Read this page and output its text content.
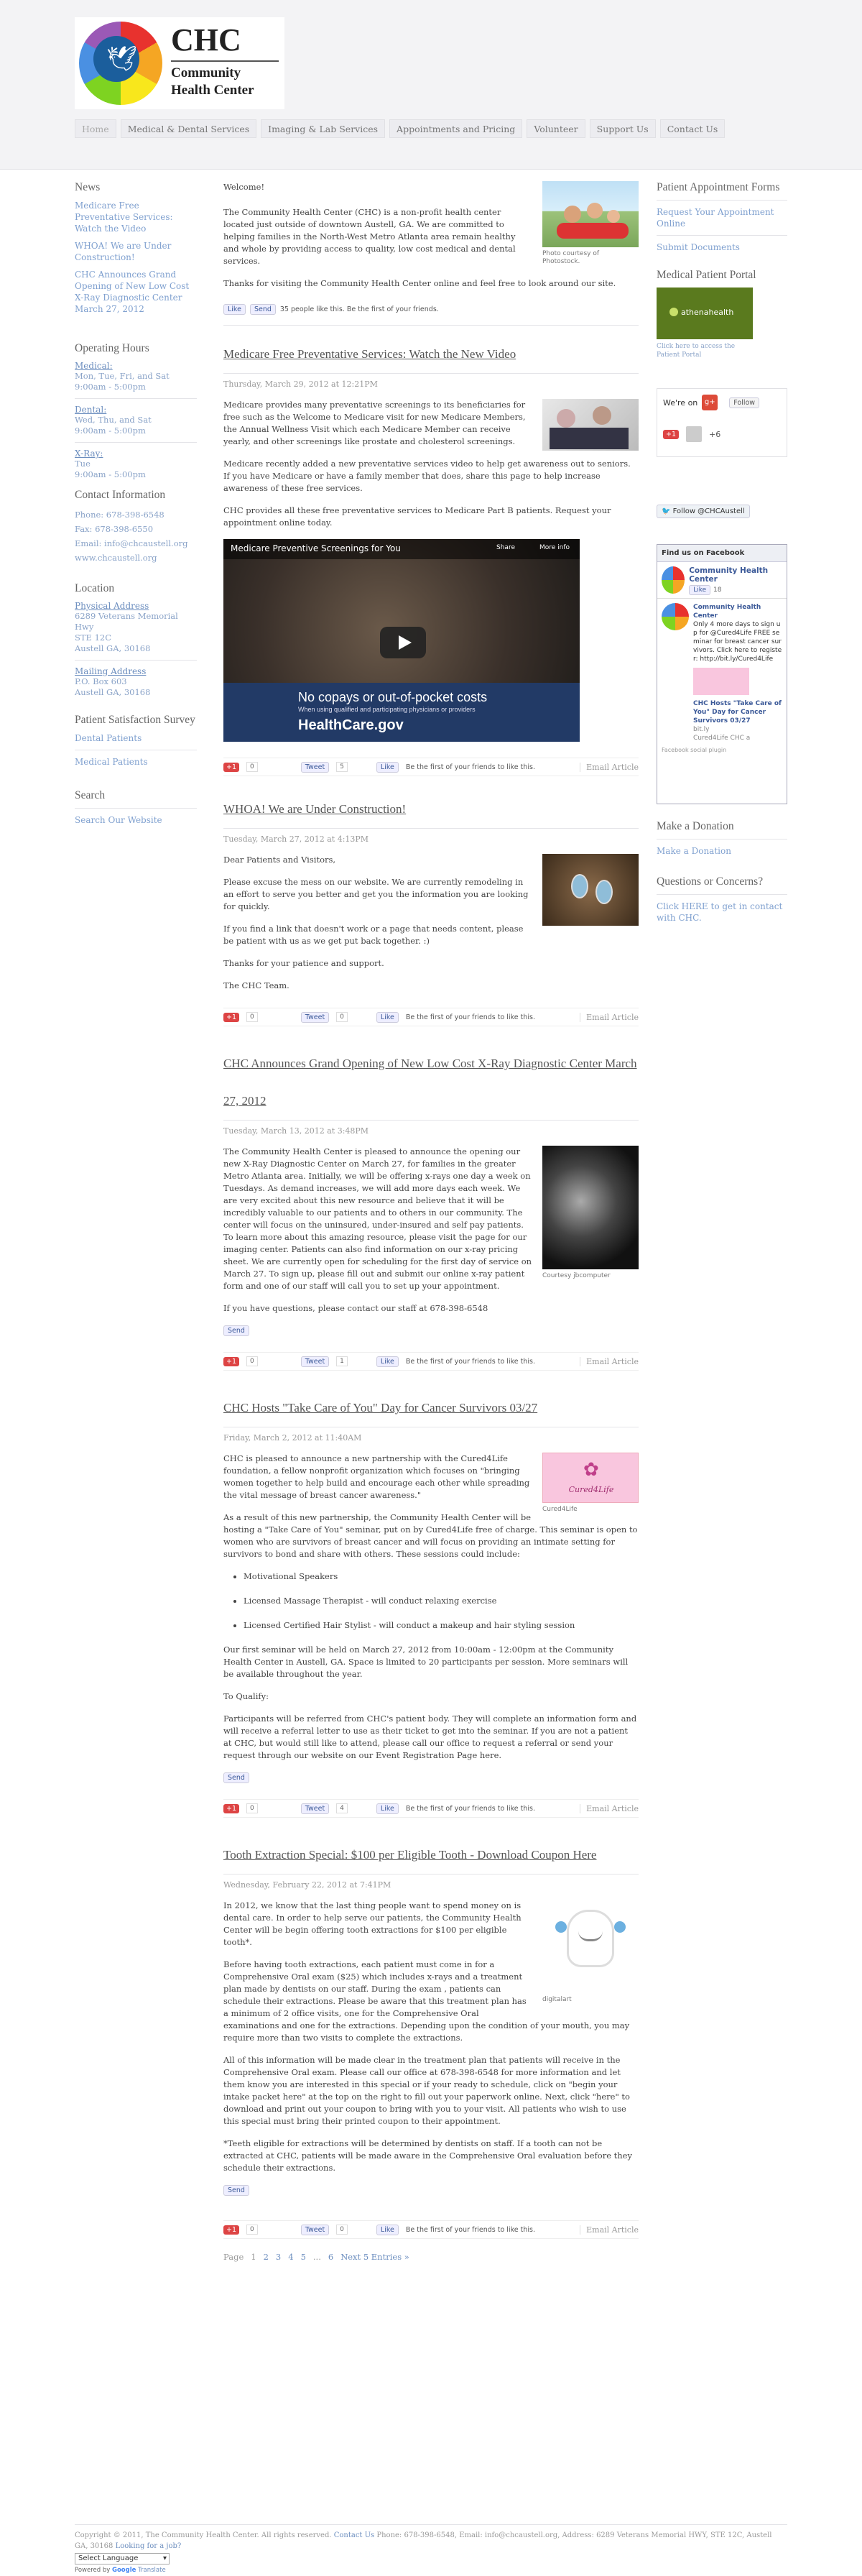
🕊
CHC
Community
Health Center
Home	Medical & Dental Services	Imaging & Lab Services	Appointments and Pricing	Volunteer	Support Us	Contact Us
News
Medicare Free Preventative Services: Watch the Video
WHOA! We are Under Construction!
CHC Announces Grand Opening of New Low Cost X-Ray Diagnostic Center March 27, 2012
Operating Hours
Medical:
Mon, Tue, Fri, and Sat
9:00am - 5:00pm
Dental:
Wed, Thu, and Sat
9:00am - 5:00pm
X-Ray:
Tue
9:00am - 5:00pm
Contact Information
Phone: 678-398-6548
Fax: 678-398-6550
Email: info@chcaustell.org
www.chcaustell.org
Location
Physical Address
6289 Veterans Memorial Hwy
STE 12C
Austell GA, 30168
Mailing Address
P.O. Box 603
Austell GA, 30168
Patient Satisfaction Survey
Dental Patients
Medical Patients
Search
Search Our Website
Photo courtesy of Photostock.

Welcome!

The Community Health Center (CHC) is a non-profit health center located just outside of downtown Austell, GA. We are committed to helping families in the North-West Metro Atlanta area remain healthy and whole by providing access to quality, low cost medical and dental services.

Thanks for visiting the Community Health Center online and feel free to look around our site.

Like	Send	35 people like this. Be the first of your friends.
Medicare Free Preventative Services: Watch the New Video
Thursday, March 29, 2012 at 12:21PM

Medicare provides many preventative screenings to its beneficiaries for free such as the Welcome to Medicare visit for new Medicare Members, the Annual Wellness Visit which each Medicare Member can receive yearly, and other screenings like prostate and cholesterol screenings.

Medicare recently added a new preventative services video to help get awareness out to seniors. If you have Medicare or have a family member that does, share this page to help increase awareness of these free services.

CHC provides all these free preventative services to Medicare Part B patients. Request your appointment online today.

Medicare Preventive Screenings for You	Share	More info
No copays or out-of-pocket costs
When using qualified and participating physicians or providers
HealthCare.gov
+1	0	Tweet	5	Like	Be the first of your friends to like this.	Email Article
WHOA! We are Under Construction!
Tuesday, March 27, 2012 at 4:13PM

Dear Patients and Visitors,

Please excuse the mess on our website. We are currently remodeling in an effort to serve you better and get you the information you are looking for quickly.

If you find a link that doesn't work or a page that needs content, please be patient with us as we get put back together. :)

Thanks for your patience and support.

The CHC Team.

+1	0	Tweet	0	Like	Be the first of your friends to like this.	Email Article
CHC Announces Grand Opening of New Low Cost X-Ray Diagnostic Center March 27, 2012
Tuesday, March 13, 2012 at 3:48PM
Courtesy jbcomputer

The Community Health Center is pleased to announce the opening our new X-Ray Diagnostic Center on March 27, for families in the greater Metro Atlanta area. Initially, we will be offering x-rays one day a week on Tuesdays. As demand increases, we will add more days each week. We are very excited about this new resource and believe that it will be incredibly valuable to our patients and to others in our community. The center will focus on the uninsured, under-insured and self pay patients. To learn more about this amazing resource, please visit the page for our imaging center. Patients can also find information on our x-ray pricing sheet. We are currently open for scheduling for the first day of service on March 27. To sign up, please fill out and submit our online x-ray patient form and one of our staff will call you to set up your appointment.

If you have questions, please contact our staff at 678-398-6548

Send
+1	0	Tweet	1	Like	Be the first of your friends to like this.	Email Article
CHC Hosts "Take Care of You" Day for Cancer Survivors 03/27
Friday, March 2, 2012 at 11:40AM
✿
Cured4Life
Cured4Life

CHC is pleased to announce a new partnership with the Cured4Life foundation, a fellow nonprofit organization which focuses on "bringing women together to help build and encourage each other while spreading the vital message of breast cancer awareness."

As a result of this new partnership, the Community Health Center will be hosting a "Take Care of You" seminar, put on by Cured4Life free of charge. This seminar is open to women who are survivors of breast cancer and will focus on providing an intimate setting for survivors to bond and share with others. These sessions could include:

• Motivational Speakers
• Licensed Massage Therapist - will conduct relaxing exercise
• Licensed Certified Hair Stylist - will conduct a makeup and hair styling session

Our first seminar will be held on March 27, 2012 from 10:00am - 12:00pm at the Community Health Center in Austell, GA. Space is limited to 20 participants per session. More seminars will be available throughout the year.

To Qualify:

Participants will be referred from CHC's patient body. They will complete an information form and will receive a referral letter to use as their ticket to get into the seminar. If you are not a patient at CHC, but would still like to attend, please call our office to request a referral or send your request through our website on our Event Registration Page here.

Send
+1	0	Tweet	4	Like	Be the first of your friends to like this.	Email Article
Tooth Extraction Special: $100 per Eligible Tooth - Download Coupon Here
Wednesday, February 22, 2012 at 7:41PM
digitalart

In 2012, we know that the last thing people want to spend money on is dental care. In order to help serve our patients, the Community Health Center will be begin offering tooth extractions for $100 per eligible tooth*.

Before having tooth extractions, each patient must come in for a Comprehensive Oral exam ($25) which includes x-rays and a treatment plan made by dentists on our staff. During the exam , patients can schedule their extractions. Please be aware that this treatment plan has a minimum of 2 office visits, one for the Comprehensive Oral examinations and one for the extractions. Depending upon the condition of your mouth, you may require more than two visits to complete the extractions.

All of this information will be made clear in the treatment plan that patients will receive in the Comprehensive Oral exam. Please call our office at 678-398-6548 for more information and let them know you are interested in this special or if your ready to schedule, click on "begin your intake packet here" at the top on the right to fill out your paperwork online. Next, click "here" to download and print out your coupon to bring with you to your visit. All patients who wish to use this special must bring their printed coupon to their appointment.

*Teeth eligible for extractions will be determined by dentists on staff. If a tooth can not be extracted at CHC, patients will be made aware in the Comprehensive Oral evaluation before they schedule their extractions.

Send
+1	0	Tweet	0	Like	Be the first of your friends to like this.	Email Article
Page 1 2 3 4 5 ... 6 Next 5 Entries »
Patient Appointment Forms
Request Your Appointment Online
Submit Documents
Medical Patient Portal
athenahealth
Click here to access the Patient Portal
We're on g+	Follow
+1	+6
🐦 Follow @CHCAustell
Find us on Facebook
Community Health Center
Like 18
Community Health Center
Only 4 more days to sign up for @Cured4Life FREE seminar for breast cancer survivors. Click here to register: http://bit.ly/Cured4Life
CHC Hosts "Take Care of You" Day for Cancer Survivors 03/27
bit.ly
Cured4Life CHC a
Facebook social plugin
Make a Donation
Make a Donation
Questions or Concerns?
Click HERE to get in contact with CHC.
Copyright © 2011, The Community Health Center. All rights reserved. Contact Us Phone: 678-398-6548, Email: info@chcaustell.org, Address: 6289 Veterans Memorial HWY, STE 12C, Austell GA, 30168 Looking for a job?
Select Language	▾
Powered by Google Translate
